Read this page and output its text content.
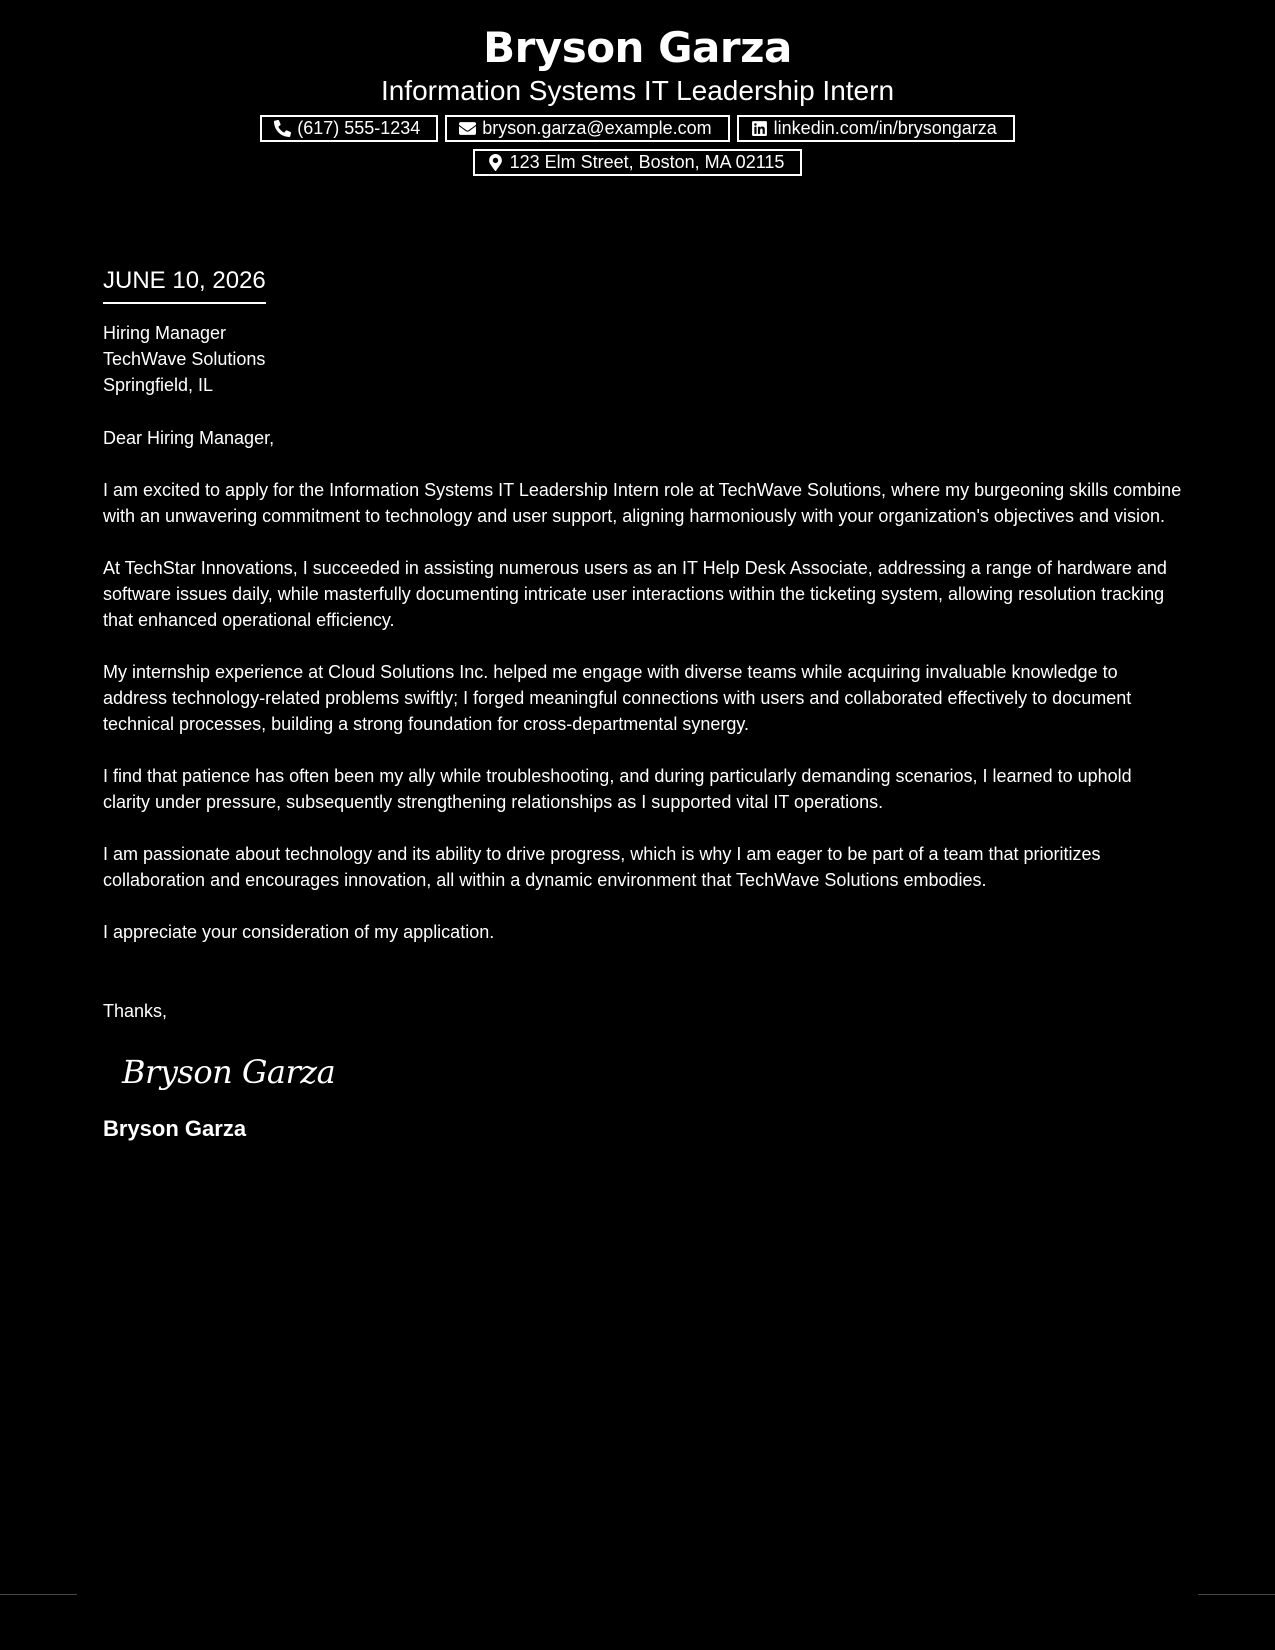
Bryson Garza
Information Systems IT Leadership Intern
(617) 555-1234	bryson.garza@example.com	linkedin.com/in/brysongarza
123 Elm Street, Boston, MA 02115
JUNE 10, 2026
Hiring Manager
TechWave Solutions
Springfield, IL

Dear Hiring Manager,

I am excited to apply for the Information Systems IT Leadership Intern role at TechWave Solutions, where my burgeoning skills combine with an unwavering commitment to technology and user support, aligning harmoniously with your organization's objectives and vision.

At TechStar Innovations, I succeeded in assisting numerous users as an IT Help Desk Associate, addressing a range of hardware and software issues daily, while masterfully documenting intricate user interactions within the ticketing system, allowing resolution tracking that enhanced operational efficiency.

My internship experience at Cloud Solutions Inc. helped me engage with diverse teams while acquiring invaluable knowledge to address technology-related problems swiftly; I forged meaningful connections with users and collaborated effectively to document technical processes, building a strong foundation for cross-departmental synergy.

I find that patience has often been my ally while troubleshooting, and during particularly demanding scenarios, I learned to uphold clarity under pressure, subsequently strengthening relationships as I supported vital IT operations.

I am passionate about technology and its ability to drive progress, which is why I am eager to be part of a team that prioritizes collaboration and encourages innovation, all within a dynamic environment that TechWave Solutions embodies.

I appreciate your consideration of my application.

Thanks,

Bryson Garza
Bryson Garza
